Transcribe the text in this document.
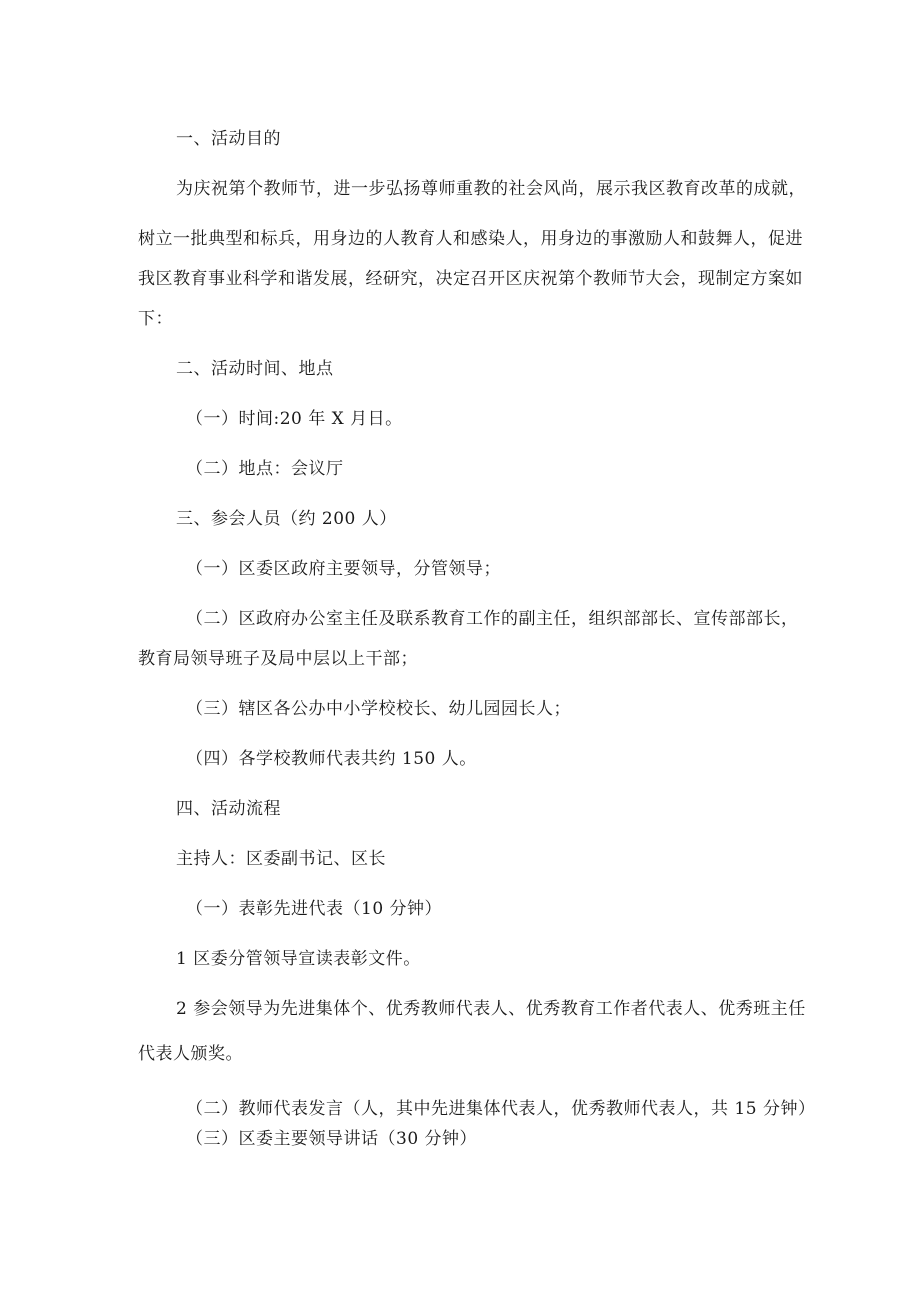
一、活动目的
为庆祝第个教师节，进一步弘扬尊师重教的社会风尚，展示我区教育改革的成就，
树立一批典型和标兵，用身边的人教育人和感染人，用身边的事激励人和鼓舞人，促进
我区教育事业科学和谐发展，经研究，决定召开区庆祝第个教师节大会，现制定方案如
下：
二、活动时间、地点
（一）时间:20 年 X 月日。
（二）地点：会议厅
三、参会人员（约 200 人）
（一）区委区政府主要领导，分管领导；
（二）区政府办公室主任及联系教育工作的副主任，组织部部长、宣传部部长，
教育局领导班子及局中层以上干部；
（三）辖区各公办中小学校校长、幼儿园园长人；
（四）各学校教师代表共约 150 人。
四、活动流程
主持人：区委副书记、区长
（一）表彰先进代表（10 分钟）
1 区委分管领导宣读表彰文件。
2 参会领导为先进集体个、优秀教师代表人、优秀教育工作者代表人、优秀班主任
代表人颁奖。
（二）教师代表发言（人，其中先进集体代表人，优秀教师代表人，共 15 分钟）
（三）区委主要领导讲话（30 分钟）
